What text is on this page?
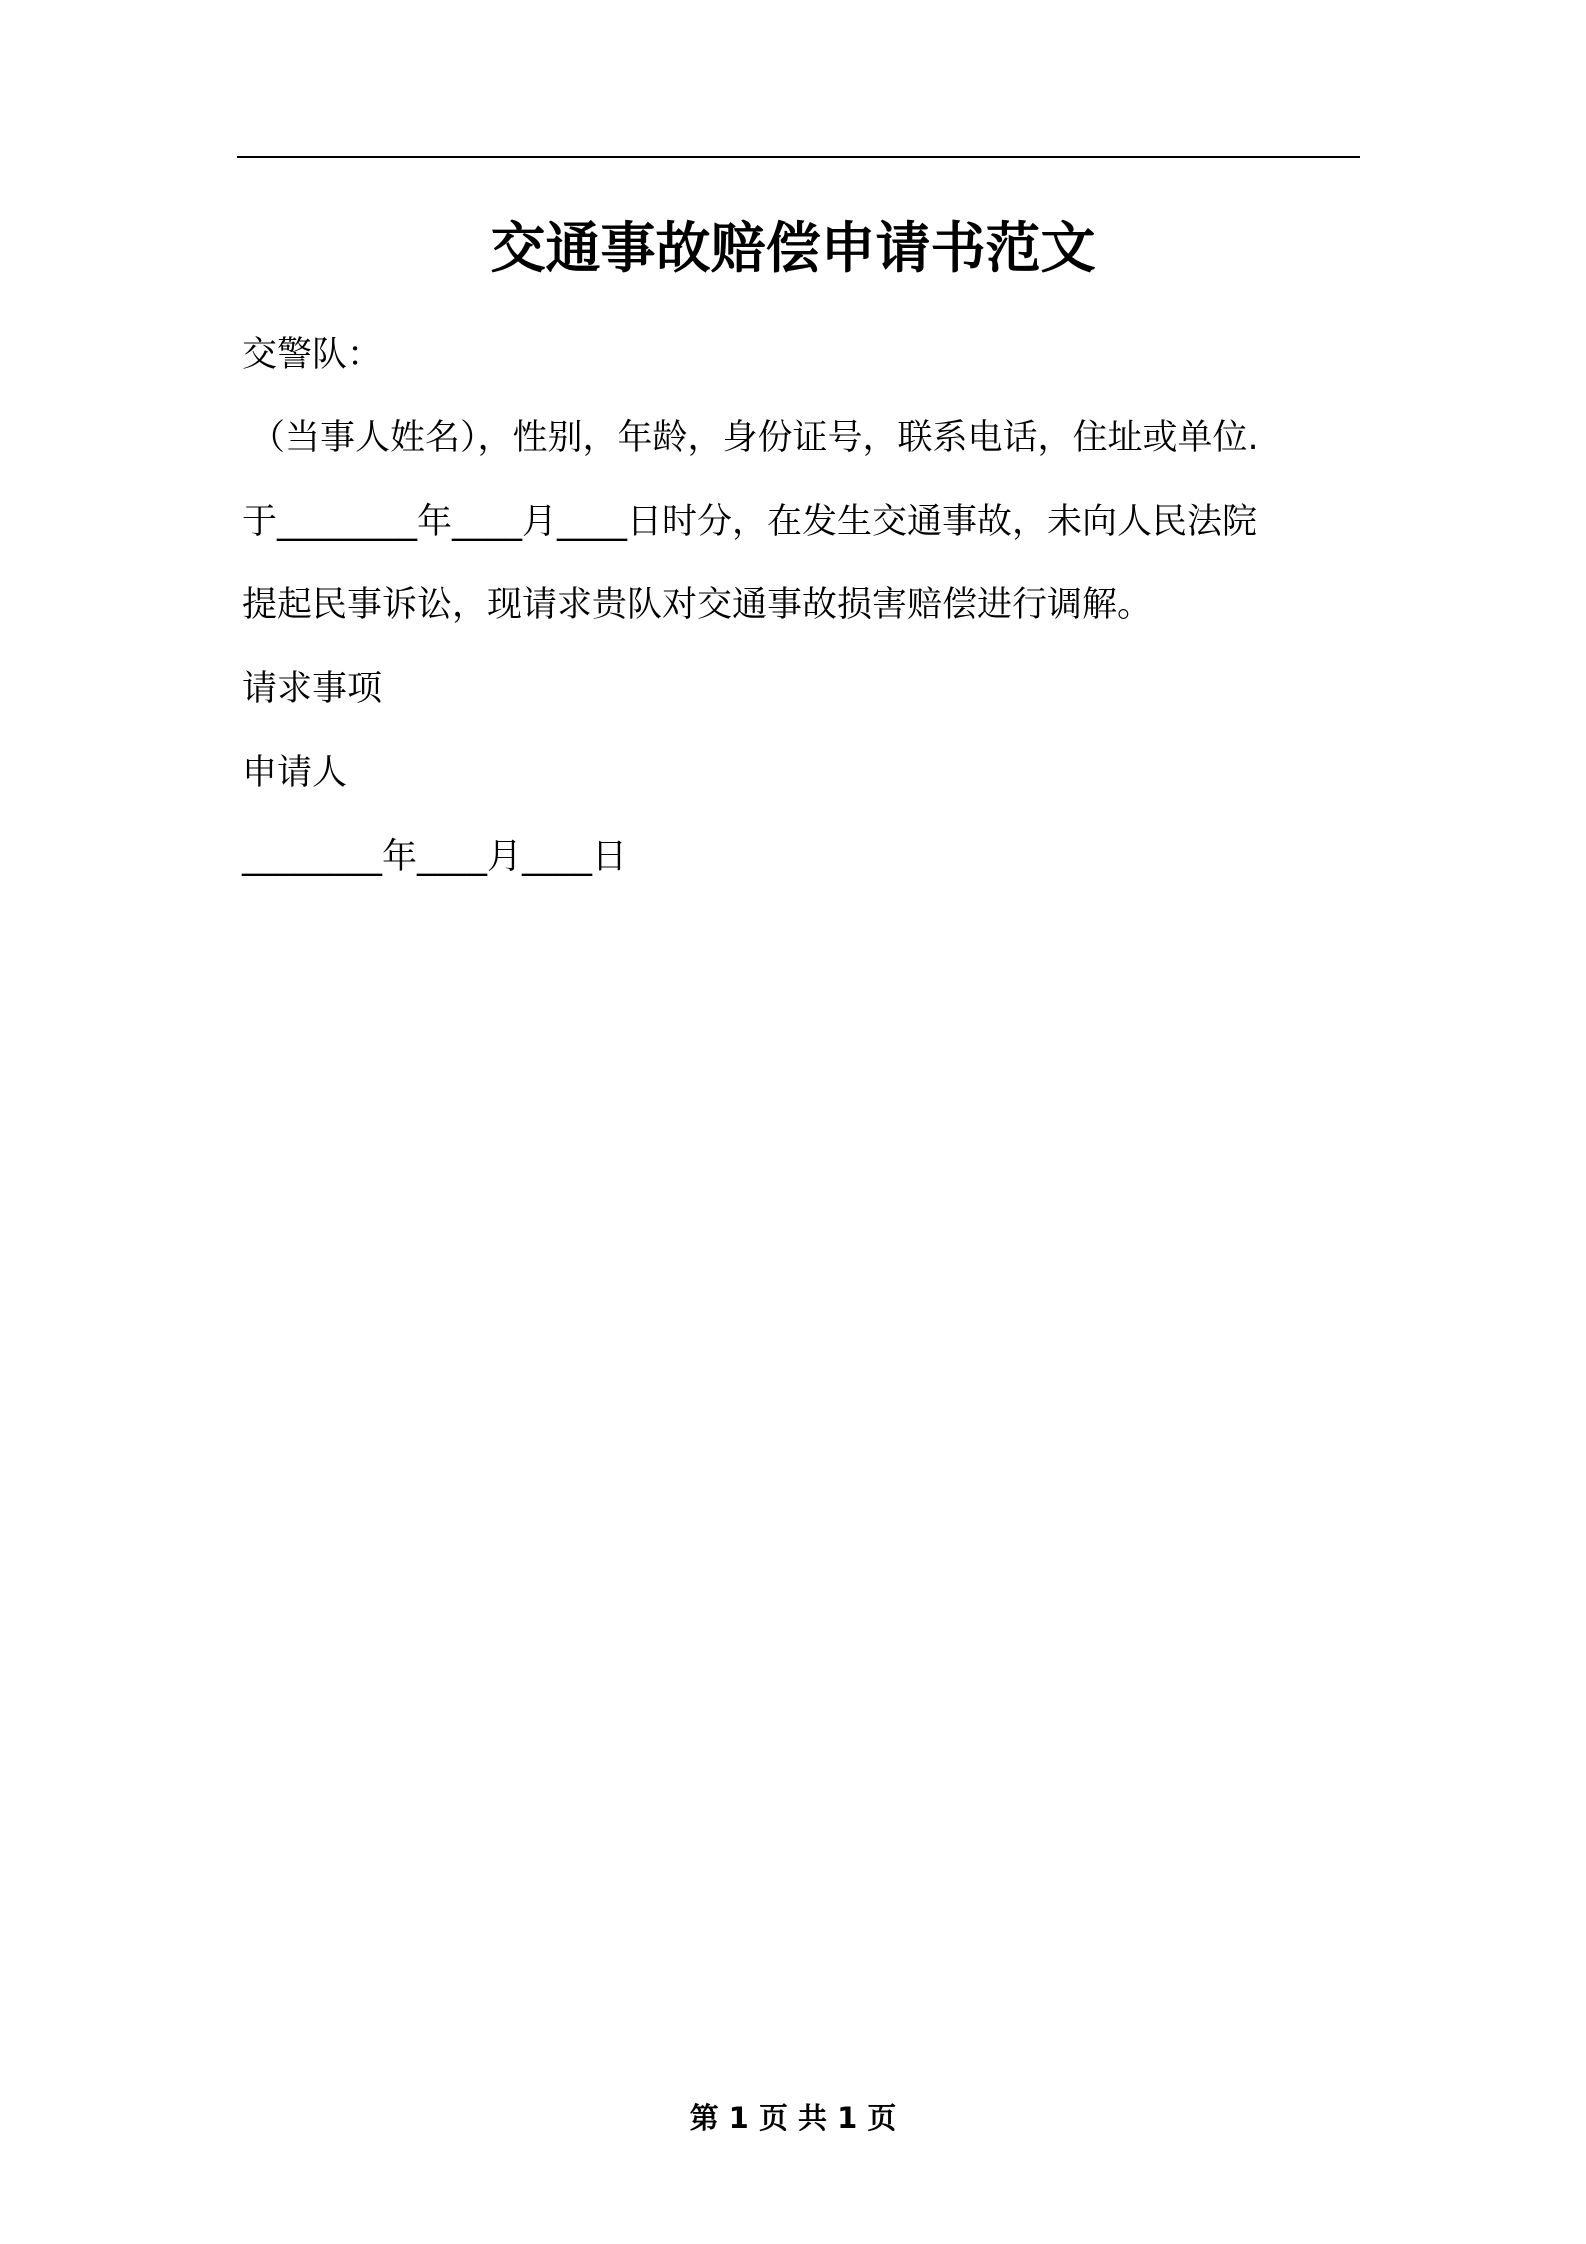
交通事故赔偿申请书范文
交警队：
（当事人姓名），性别，年龄，身份证号，联系电话，住址或单位.
于________年____月____日时分，在发生交通事故，未向人民法院
提起民事诉讼，现请求贵队对交通事故损害赔偿进行调解。
请求事项
申请人
________年____月____日
第 1 页 共 1 页
